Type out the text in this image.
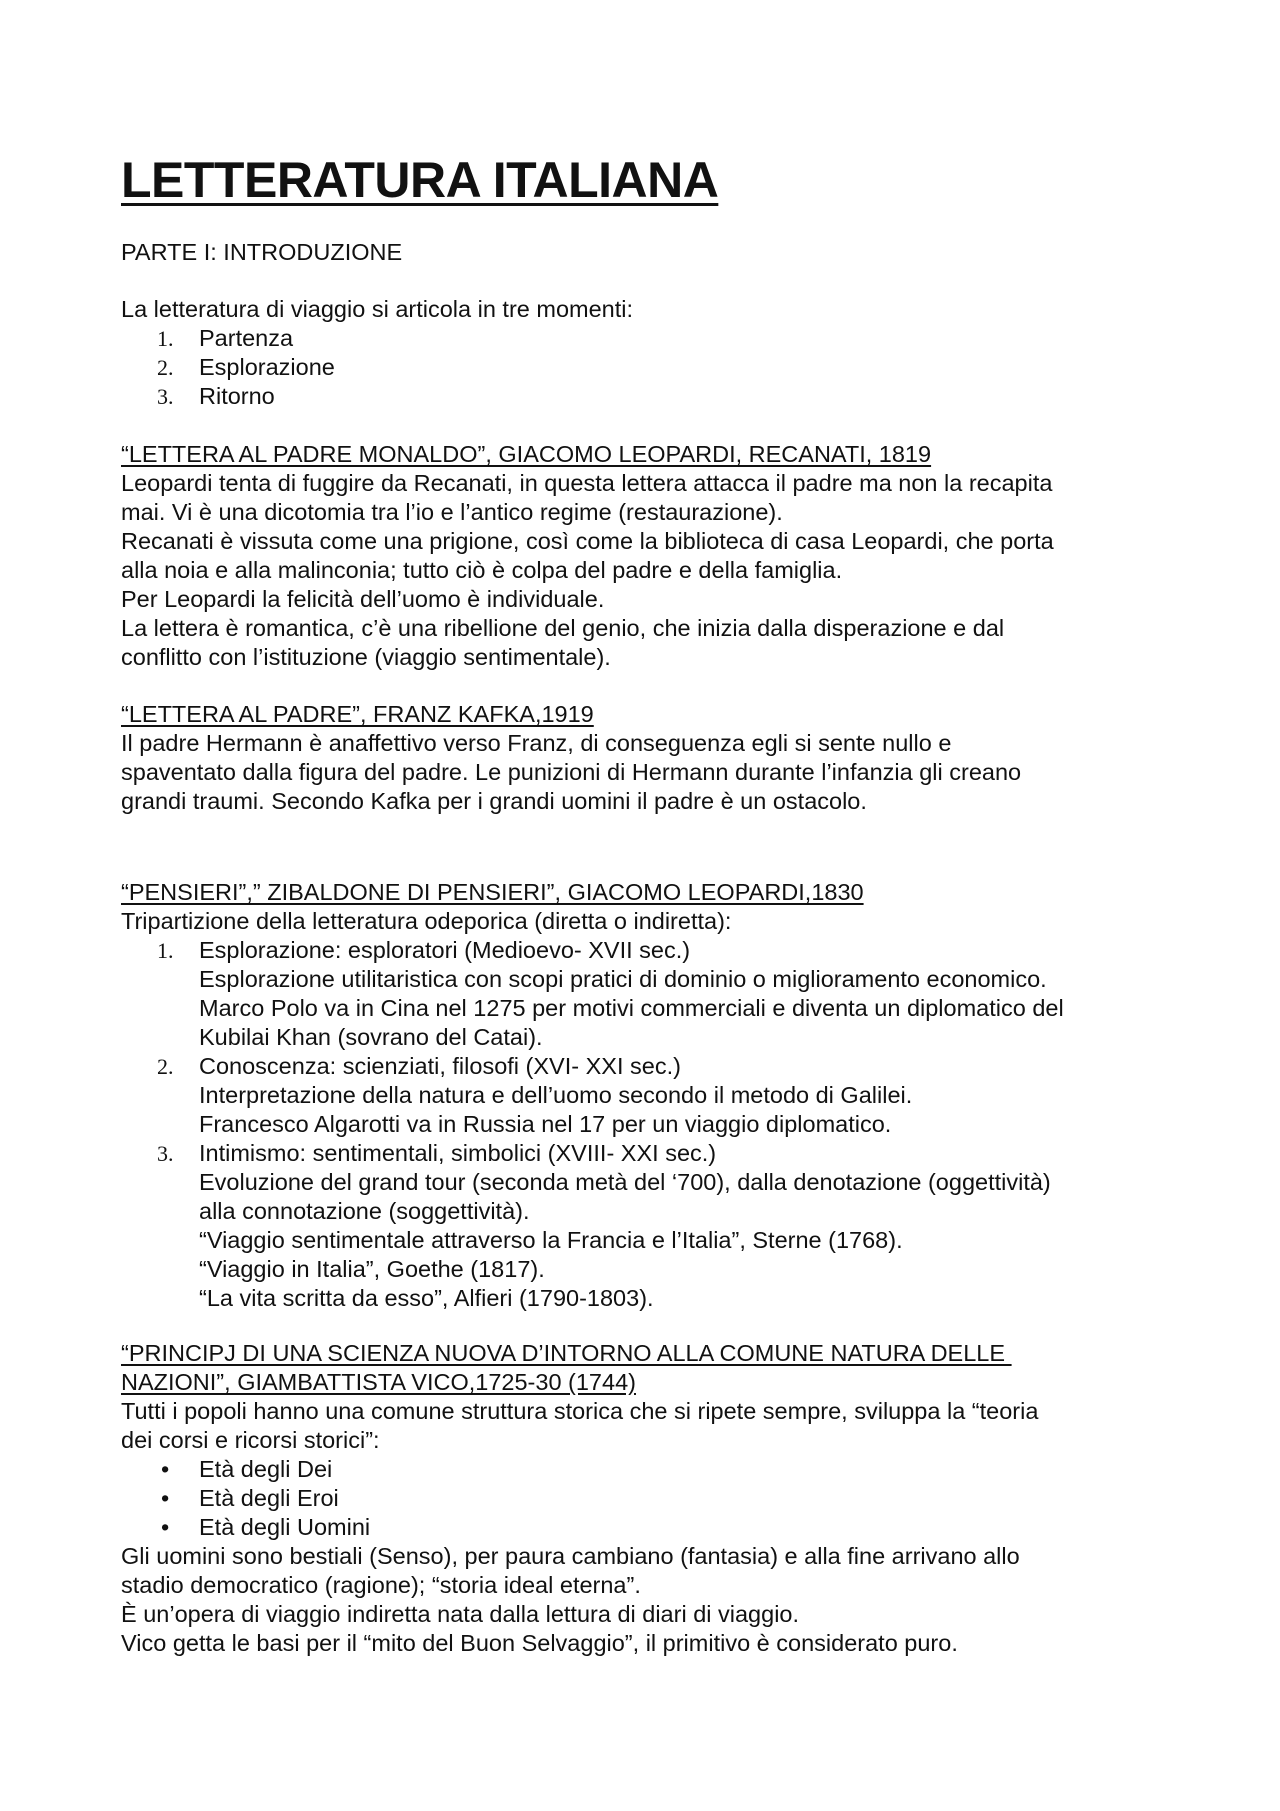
LETTERATURA ITALIANA

PARTE I: INTRODUZIONE

La letteratura di viaggio si articola in tre momenti:

1.	Partenza
2.	Esplorazione
3.	Ritorno

“LETTERA AL PADRE MONALDO”, GIACOMO LEOPARDI, RECANATI, 1819

Leopardi tenta di fuggire da Recanati, in questa lettera attacca il padre ma non la recapita

mai. Vi è una dicotomia tra l’io e l’antico regime (restaurazione).

Recanati è vissuta come una prigione, così come la biblioteca di casa Leopardi, che porta

alla noia e alla malinconia; tutto ciò è colpa del padre e della famiglia.

Per Leopardi la felicità dell’uomo è individuale.

La lettera è romantica, c’è una ribellione del genio, che inizia dalla disperazione e dal

conflitto con l’istituzione (viaggio sentimentale).

“LETTERA AL PADRE”, FRANZ KAFKA,1919

Il padre Hermann è anaffettivo verso Franz, di conseguenza egli si sente nullo e

spaventato dalla figura del padre. Le punizioni di Hermann durante l’infanzia gli creano

grandi traumi. Secondo Kafka per i grandi uomini il padre è un ostacolo.

“PENSIERI”,” ZIBALDONE DI PENSIERI”, GIACOMO LEOPARDI,1830

Tripartizione della letteratura odeporica (diretta o indiretta):

1.	Esplorazione: esploratori (Medioevo- XVII sec.)
Esplorazione utilitaristica con scopi pratici di dominio o miglioramento economico.
Marco Polo va in Cina nel 1275 per motivi commerciali e diventa un diplomatico del
Kubilai Khan (sovrano del Catai).
2.	Conoscenza: scienziati, filosofi (XVI- XXI sec.)
Interpretazione della natura e dell’uomo secondo il metodo di Galilei.
Francesco Algarotti va in Russia nel 17 per un viaggio diplomatico.
3.	Intimismo: sentimentali, simbolici (XVIII- XXI sec.)
Evoluzione del grand tour (seconda metà del ‘700), dalla denotazione (oggettività)
alla connotazione (soggettività).
“Viaggio sentimentale attraverso la Francia e l’Italia”, Sterne (1768).
“Viaggio in Italia”, Goethe (1817).
“La vita scritta da esso”, Alfieri (1790-1803).

“PRINCIPJ DI UNA SCIENZA NUOVA D’INTORNO ALLA COMUNE NATURA DELLE

NAZIONI”, GIAMBATTISTA VICO,1725-30 (1744)

Tutti i popoli hanno una comune struttura storica che si ripete sempre, sviluppa la “teoria

dei corsi e ricorsi storici”:

• Età degli Dei
• Età degli Eroi
• Età degli Uomini

Gli uomini sono bestiali (Senso), per paura cambiano (fantasia) e alla fine arrivano allo

stadio democratico (ragione); “storia ideal eterna”.

È un’opera di viaggio indiretta nata dalla lettura di diari di viaggio.

Vico getta le basi per il “mito del Buon Selvaggio”, il primitivo è considerato puro.
